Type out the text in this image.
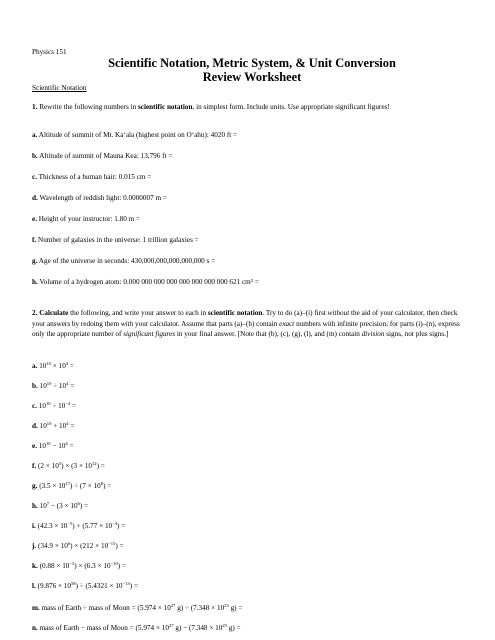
Physics 151
Scientific Notation, Metric System, & Unit Conversion
Review Worksheet
Scientific Notation
1. Rewrite the following numbers in scientific notation, in simplest form. Include units. Use appropriate significant figures!
a. Altitude of summit of Mt. Ka‘ala (highest point on O‘ahu): 4020 ft =
b. Altitude of summit of Mauna Kea: 13,796 ft =
c. Thickness of a human hair: 0.015 cm =
d. Wavelength of reddish light: 0.0000007 m =
e. Height of your instructor: 1.80 m =
f. Number of galaxies in the universe: 1 trillion galaxies =
g. Age of the universe in seconds: 430,000,000,000,000,000 s =
h. Volume of a hydrogen atom: 0.000 000 000 000 000 000 000 000 621 cm³ =
2. Calculate the following, and write your answer to each in scientific notation. Try to do (a)–(i) first without the aid of your calculator, then check your answers by redoing them with your calculator. Assume that parts (a)–(h) contain exact numbers with infinite precision; for parts (i)–(n), express only the appropriate number of significant figures in your final answer. [Note that (b), (c), (g), (l), and (m) contain division signs, not plus signs.]
a. $10^{10} \times 10^4$ =
b. $10^{10} \div 10^4$ =
c. $10^{10} \div 10^{-4}$ =
d. $10^{10} + 10^4$ =
e. $10^{10} - 10^4$ =
f. $(2 \times 10^5) \times (3 \times 10^{12})$ =
g. $(3.5 \times 10^{17}) \div (7 \times 10^8)$ =
h. $10^7 - (3 \times 10^6)$ =
i. $(42.3 \times 10^{-5}) + (5.77 \times 10^{-4})$ =
j. $(34.9 \times 10^6) \times (212 \times 10^{-15})$ =
k. $(0.88 \times 10^{-3}) \times (6.3 \times 10^{-10})$ =
l. $(9.876 \times 10^{58}) \div (5.4321 \times 10^{-13})$ =
m. mass of Earth ÷ mass of Moon = ($5.974 \times 10^{27}$ $g) \div (7.348 \times 10^{25}$ g) =
n. mass of Earth − mass of Moon = ($5.974 \times 10^{27}$ $g) - (7.348 \times 10^{25}$ g) =
